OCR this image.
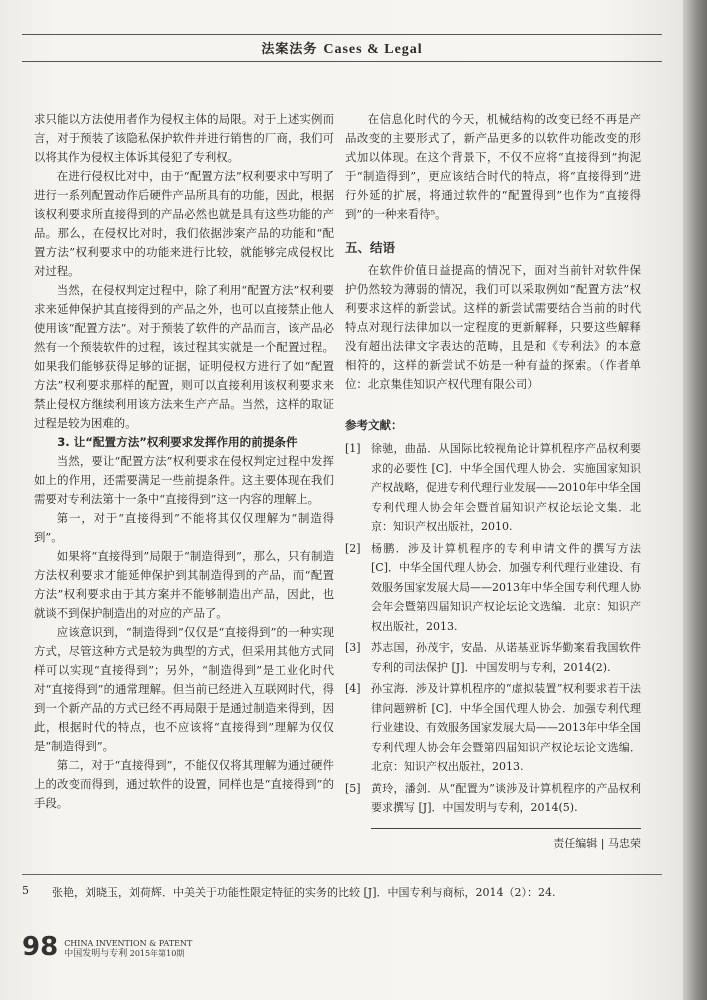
法案法务 Cases & Legal

求只能以方法使用者作为侵权主体的局限。对于上述实例而言，对于预装了该隐私保护软件并进行销售的厂商，我们可以将其作为侵权主体诉其侵犯了专利权。

在进行侵权比对中，由于“配置方法”权利要求中写明了进行一系列配置动作后硬件产品所具有的功能，因此，根据该权利要求所直接得到的产品必然也就是具有这些功能的产品。那么，在侵权比对时，我们依据涉案产品的功能和“配置方法”权利要求中的功能来进行比较，就能够完成侵权比对过程。

当然，在侵权判定过程中，除了利用“配置方法”权利要求来延伸保护其直接得到的产品之外，也可以直接禁止他人使用该“配置方法”。对于预装了软件的产品而言，该产品必然有一个预装软件的过程，该过程其实就是一个配置过程。如果我们能够获得足够的证据，证明侵权方进行了如“配置方法”权利要求那样的配置，则可以直接利用该权利要求来禁止侵权方继续利用该方法来生产产品。当然，这样的取证过程是较为困难的。

3. 让“配置方法”权利要求发挥作用的前提条件

当然，要让“配置方法”权利要求在侵权判定过程中发挥如上的作用，还需要满足一些前提条件。这主要体现在我们需要对专利法第十一条中“直接得到”这一内容的理解上。

第一，对于“直接得到”不能将其仅仅理解为“制造得到”。

如果将“直接得到”局限于“制造得到”，那么，只有制造方法权利要求才能延伸保护到其制造得到的产品，而“配置方法”权利要求由于其方案并不能够制造出产品，因此，也就谈不到保护制造出的对应的产品了。

应该意识到，“制造得到”仅仅是“直接得到”的一种实现方式，尽管这种方式是较为典型的方式，但采用其他方式同样可以实现“直接得到”；另外，“制造得到”是工业化时代对“直接得到”的通常理解。但当前已经进入互联网时代，得到一个新产品的方式已经不再局限于是通过制造来得到，因此，根据时代的特点，也不应该将“直接得到”理解为仅仅是“制造得到”。

第二，对于“直接得到”，不能仅仅将其理解为通过硬件上的改变而得到，通过软件的设置，同样也是“直接得到”的手段。

在信息化时代的今天，机械结构的改变已经不再是产品改变的主要形式了，新产品更多的以软件功能改变的形式加以体现。在这个背景下，不仅不应将“直接得到”拘泥于“制造得到”，更应该结合时代的特点，将“直接得到”进行外延的扩展，将通过软件的“配置得到”也作为“直接得到”的一种来看待⁵。

五、结语

在软件价值日益提高的情况下，面对当前针对软件保护仍然较为薄弱的情况，我们可以采取例如“配置方法”权利要求这样的新尝试。这样的新尝试需要结合当前的时代特点对现行法律加以一定程度的更新解释，只要这些解释没有超出法律文字表达的范畴，且是和《专利法》的本意相符的，这样的新尝试不妨是一种有益的探索。（作者单位：北京集佳知识产权代理有限公司）

参考文献：
[1] 徐驰，曲晶．从国际比较视角论计算机程序产品权利要求的必要性 [C]．中华全国代理人协会．实施国家知识产权战略，促进专利代理行业发展——2010年中华全国专利代理人协会年会暨首届知识产权论坛论文集．北京：知识产权出版社，2010.
[2] 杨鹏．涉及计算机程序的专利申请文件的撰写方法 [C]．中华全国代理人协会．加强专利代理行业建设、有效服务国家发展大局——2013年中华全国专利代理人协会年会暨第四届知识产权论坛论文选编．北京：知识产权出版社，2013.
[3] 苏志国，孙茂宇，安晶．从诺基亚诉华勤案看我国软件专利的司法保护 [J]．中国发明与专利，2014(2).
[4] 孙宝海．涉及计算机程序的“虚拟装置”权利要求若干法律问题辨析 [C]．中华全国代理人协会．加强专利代理行业建设、有效服务国家发展大局——2013年中华全国专利代理人协会年会暨第四届知识产权论坛论文选编．北京：知识产权出版社，2013.
[5] 黄玲，潘剑．从“配置为”谈涉及计算机程序的产品权利要求撰写 [J]．中国发明与专利，2014(5).
责任编辑 | 马忠荣
5	张艳，刘晓玉，刘荷辉．中美关于功能性限定特征的实务的比较 [J]．中国专利与商标，2014（2）：24.
98 CHINA INVENTION & PATENT
中国发明与专利 2015年第10期
